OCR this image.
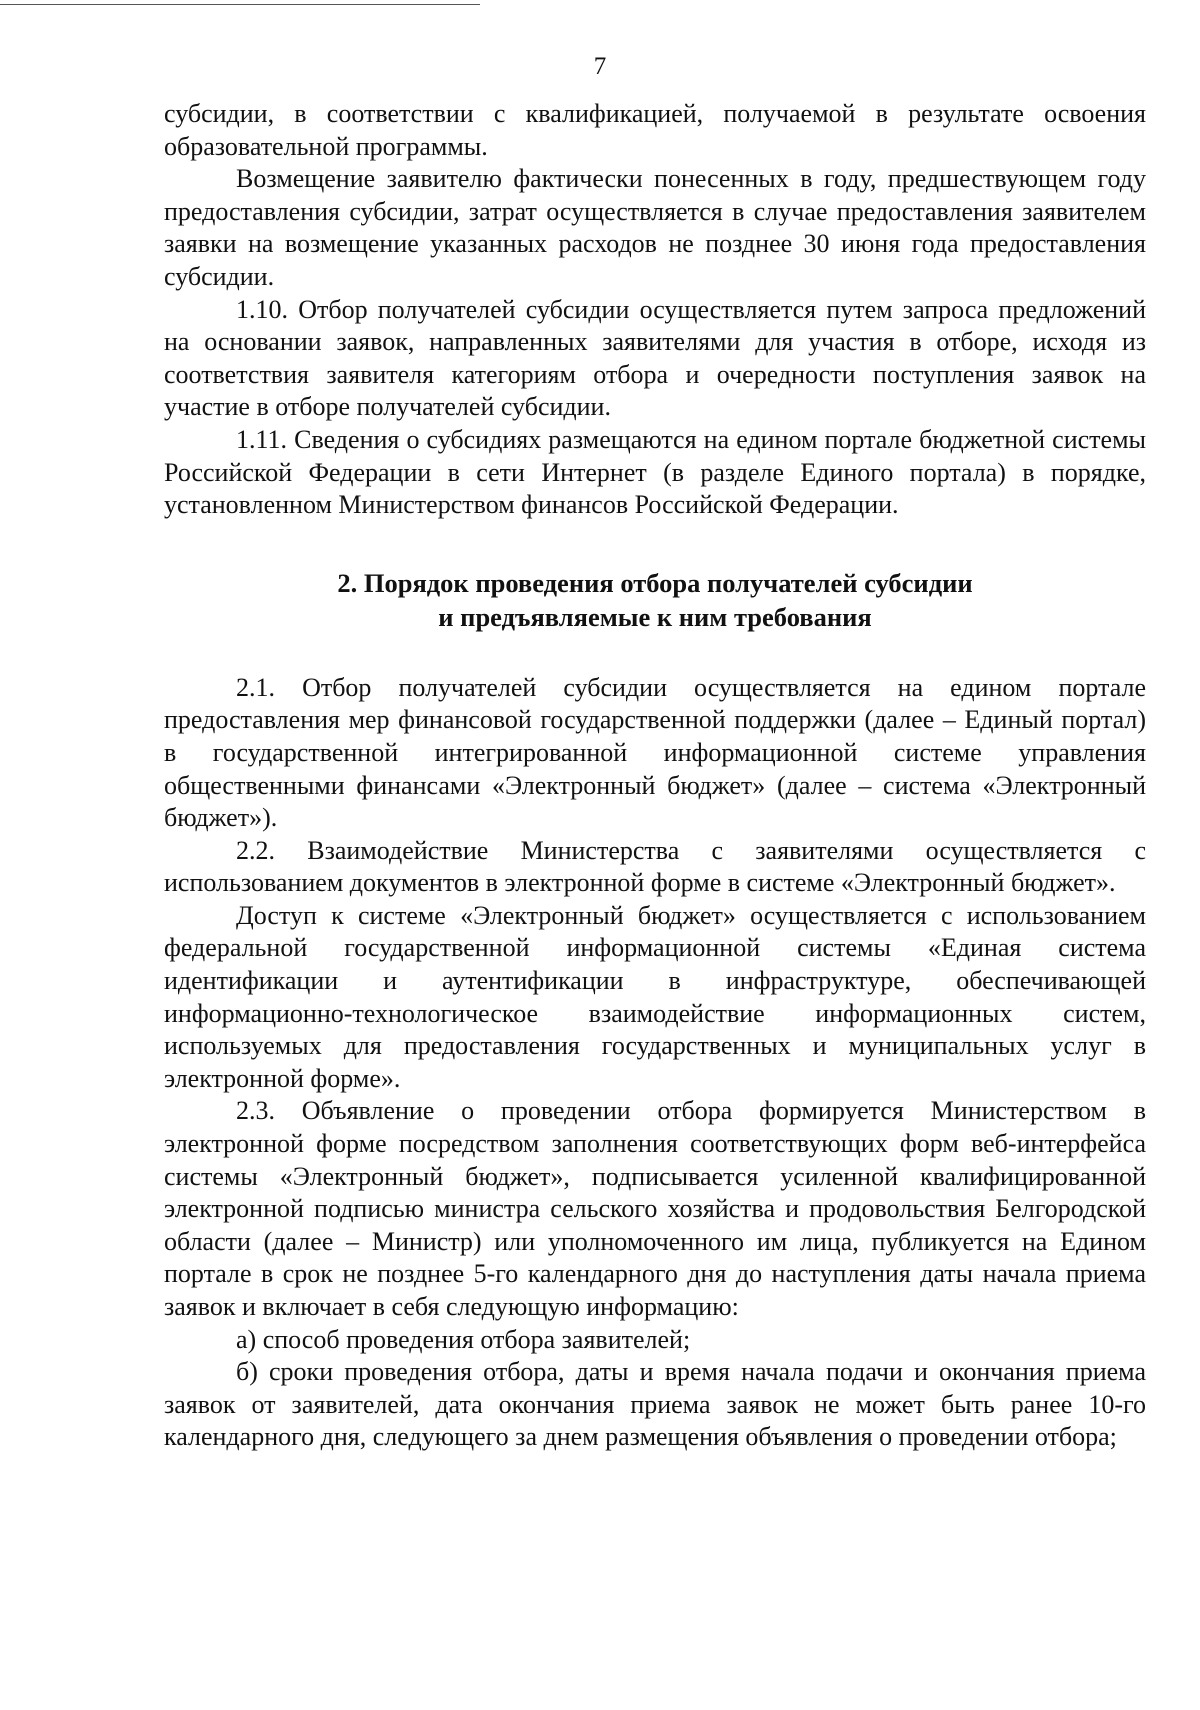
7

субсидии, в соответствии с квалификацией, получаемой в результате освоения образовательной программы.

Возмещение заявителю фактически понесенных в году, предшествующем году предоставления субсидии, затрат осуществляется в случае предоставления заявителем заявки на возмещение указанных расходов не позднее 30 июня года предоставления субсидии.

1.10. Отбор получателей субсидии осуществляется путем запроса предложений на основании заявок, направленных заявителями для участия в отборе, исходя из соответствия заявителя категориям отбора и очередности поступления заявок на участие в отборе получателей субсидии.

1.11. Сведения о субсидиях размещаются на едином портале бюджетной системы Российской Федерации в сети Интернет (в разделе Единого портала) в порядке, установленном Министерством финансов Российской Федерации.

2. Порядок проведения отбора получателей субсидии
и предъявляемые к ним требования

2.1. Отбор получателей субсидии осуществляется на едином портале предоставления мер финансовой государственной поддержки (далее – Единый портал) в государственной интегрированной информационной системе управления общественными финансами «Электронный бюджет» (далее – система «Электронный бюджет»).

2.2. Взаимодействие Министерства с заявителями осуществляется с использованием документов в электронной форме в системе «Электронный бюджет».

Доступ к системе «Электронный бюджет» осуществляется с использованием федеральной государственной информационной системы «Единая система идентификации и аутентификации в инфраструктуре, обеспечивающей информационно-технологическое взаимодействие информационных систем, используемых для предоставления государственных и муниципальных услуг в электронной форме».

2.3. Объявление о проведении отбора формируется Министерством в электронной форме посредством заполнения соответствующих форм веб-интерфейса системы «Электронный бюджет», подписывается усиленной квалифицированной электронной подписью министра сельского хозяйства и продовольствия Белгородской области (далее – Министр) или уполномоченного им лица, публикуется на Едином портале в срок не позднее 5-го календарного дня до наступления даты начала приема заявок и включает в себя следующую информацию:

а) способ проведения отбора заявителей;

б) сроки проведения отбора, даты и время начала подачи и окончания приема заявок от заявителей, дата окончания приема заявок не может быть ранее 10-го календарного дня, следующего за днем размещения объявления о проведении отбора;
